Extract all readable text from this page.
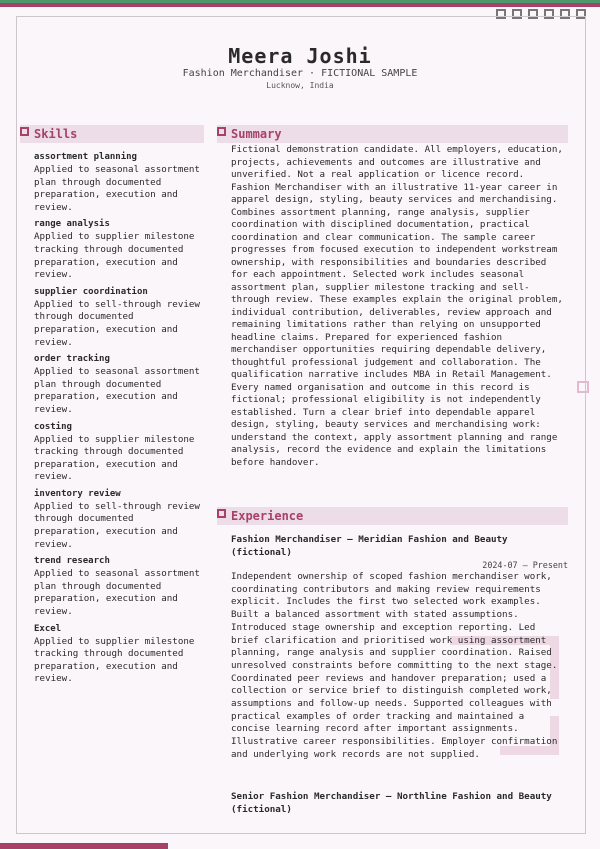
Meera Joshi
Fashion Merchandiser · FICTIONAL SAMPLE
Lucknow, India
Skills
assortment planning
Applied to seasonal assortment plan through documented preparation, execution and review.
range analysis
Applied to supplier milestone tracking through documented preparation, execution and review.
supplier coordination
Applied to sell-through review through documented preparation, execution and review.
order tracking
Applied to seasonal assortment plan through documented preparation, execution and review.
costing
Applied to supplier milestone tracking through documented preparation, execution and review.
inventory review
Applied to sell-through review through documented preparation, execution and review.
trend research
Applied to seasonal assortment plan through documented preparation, execution and review.
Excel
Applied to supplier milestone tracking through documented preparation, execution and review.
Summary
Fictional demonstration candidate. All employers, education, projects, achievements and outcomes are illustrative and unverified. Not a real application or licence record. Fashion Merchandiser with an illustrative 11-year career in apparel design, styling, beauty services and merchandising. Combines assortment planning, range analysis, supplier coordination with disciplined documentation, practical coordination and clear communication. The sample career progresses from focused execution to independent workstream ownership, with responsibilities and boundaries described for each appointment. Selected work includes seasonal assortment plan, supplier milestone tracking and sell-through review. These examples explain the original problem, individual contribution, deliverables, review approach and remaining limitations rather than relying on unsupported headline claims. Prepared for experienced fashion merchandiser opportunities requiring dependable delivery, thoughtful professional judgement and collaboration. The qualification narrative includes MBA in Retail Management. Every named organisation and outcome in this record is fictional; professional eligibility is not independently established. Turn a clear brief into dependable apparel design, styling, beauty services and merchandising work: understand the context, apply assortment planning and range analysis, record the evidence and explain the limitations before handover.
Experience
Fashion Merchandiser — Meridian Fashion and Beauty (fictional)
2024-07 – Present
Independent ownership of scoped fashion merchandiser work, coordinating contributors and making review requirements explicit. Includes the first two selected work examples. Built a balanced assortment with stated assumptions. Introduced stage ownership and exception reporting. Led brief clarification and prioritised work using assortment planning, range analysis and supplier coordination. Raised unresolved constraints before committing to the next stage. Coordinated peer reviews and handover preparation; used a collection or service brief to distinguish completed work, assumptions and follow-up needs. Supported colleagues with practical examples of order tracking and maintained a concise learning record after important assignments. Illustrative career responsibilities. Employer confirmation and underlying work records are not supplied.
Senior Fashion Merchandiser — Northline Fashion and Beauty (fictional)
